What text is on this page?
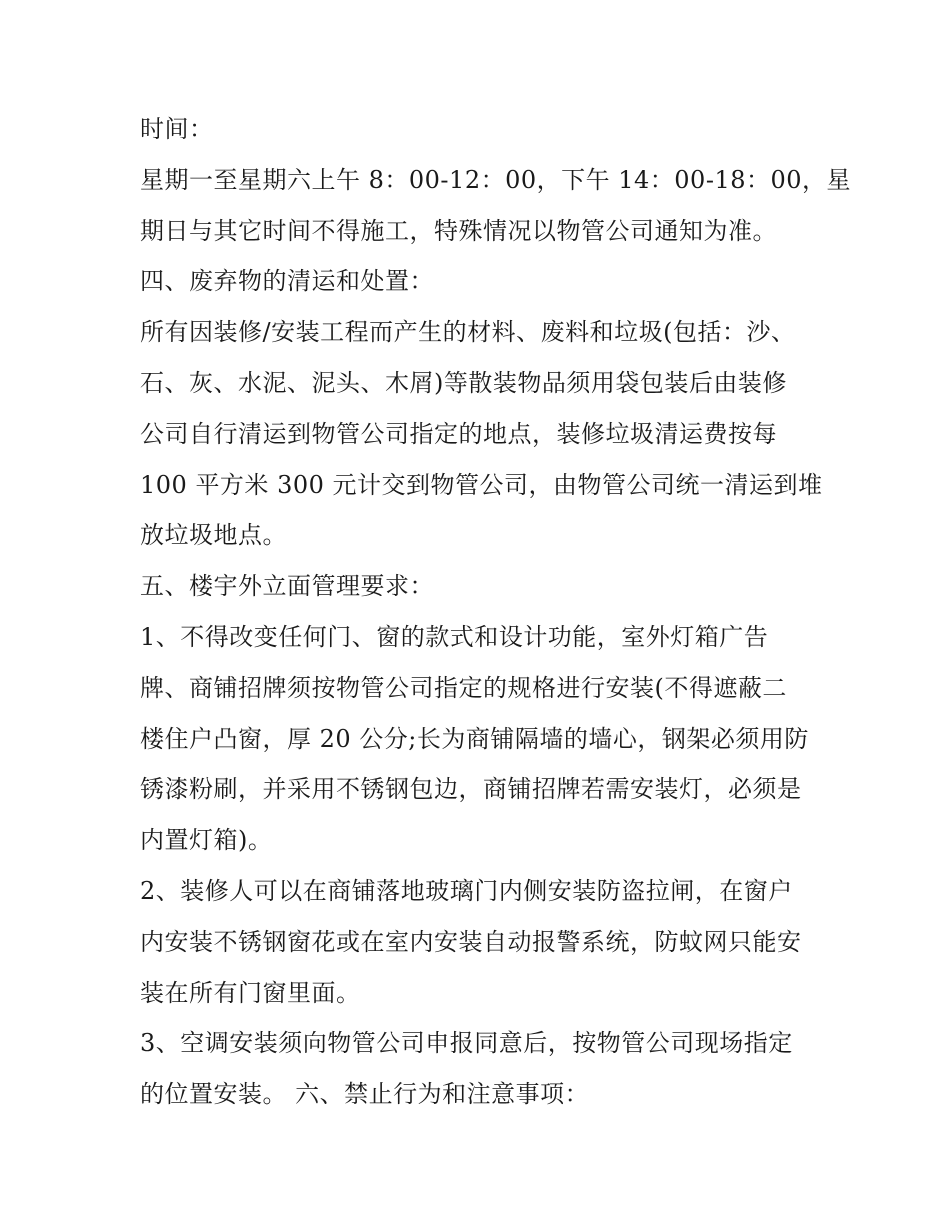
时间：
星期一至星期六上午 8：00-12：00，下午 14：00-18：00，星
期日与其它时间不得施工，特殊情况以物管公司通知为准。
四、废弃物的清运和处置：
所有因装修/安装工程而产生的材料、废料和垃圾(包括：沙、
石、灰、水泥、泥头、木屑)等散装物品须用袋包装后由装修
公司自行清运到物管公司指定的地点，装修垃圾清运费按每
100 平方米 300 元计交到物管公司，由物管公司统一清运到堆
放垃圾地点。
五、楼宇外立面管理要求：
1、不得改变任何门、窗的款式和设计功能，室外灯箱广告
牌、商铺招牌须按物管公司指定的规格进行安装(不得遮蔽二
楼住户凸窗，厚 20 公分;长为商铺隔墙的墙心，钢架必须用防
锈漆粉刷，并采用不锈钢包边，商铺招牌若需安装灯，必须是
内置灯箱)。
2、装修人可以在商铺落地玻璃门内侧安装防盗拉闸，在窗户
内安装不锈钢窗花或在室内安装自动报警系统，防蚊网只能安
装在所有门窗里面。
3、空调安装须向物管公司申报同意后，按物管公司现场指定
的位置安装。 六、禁止行为和注意事项：
